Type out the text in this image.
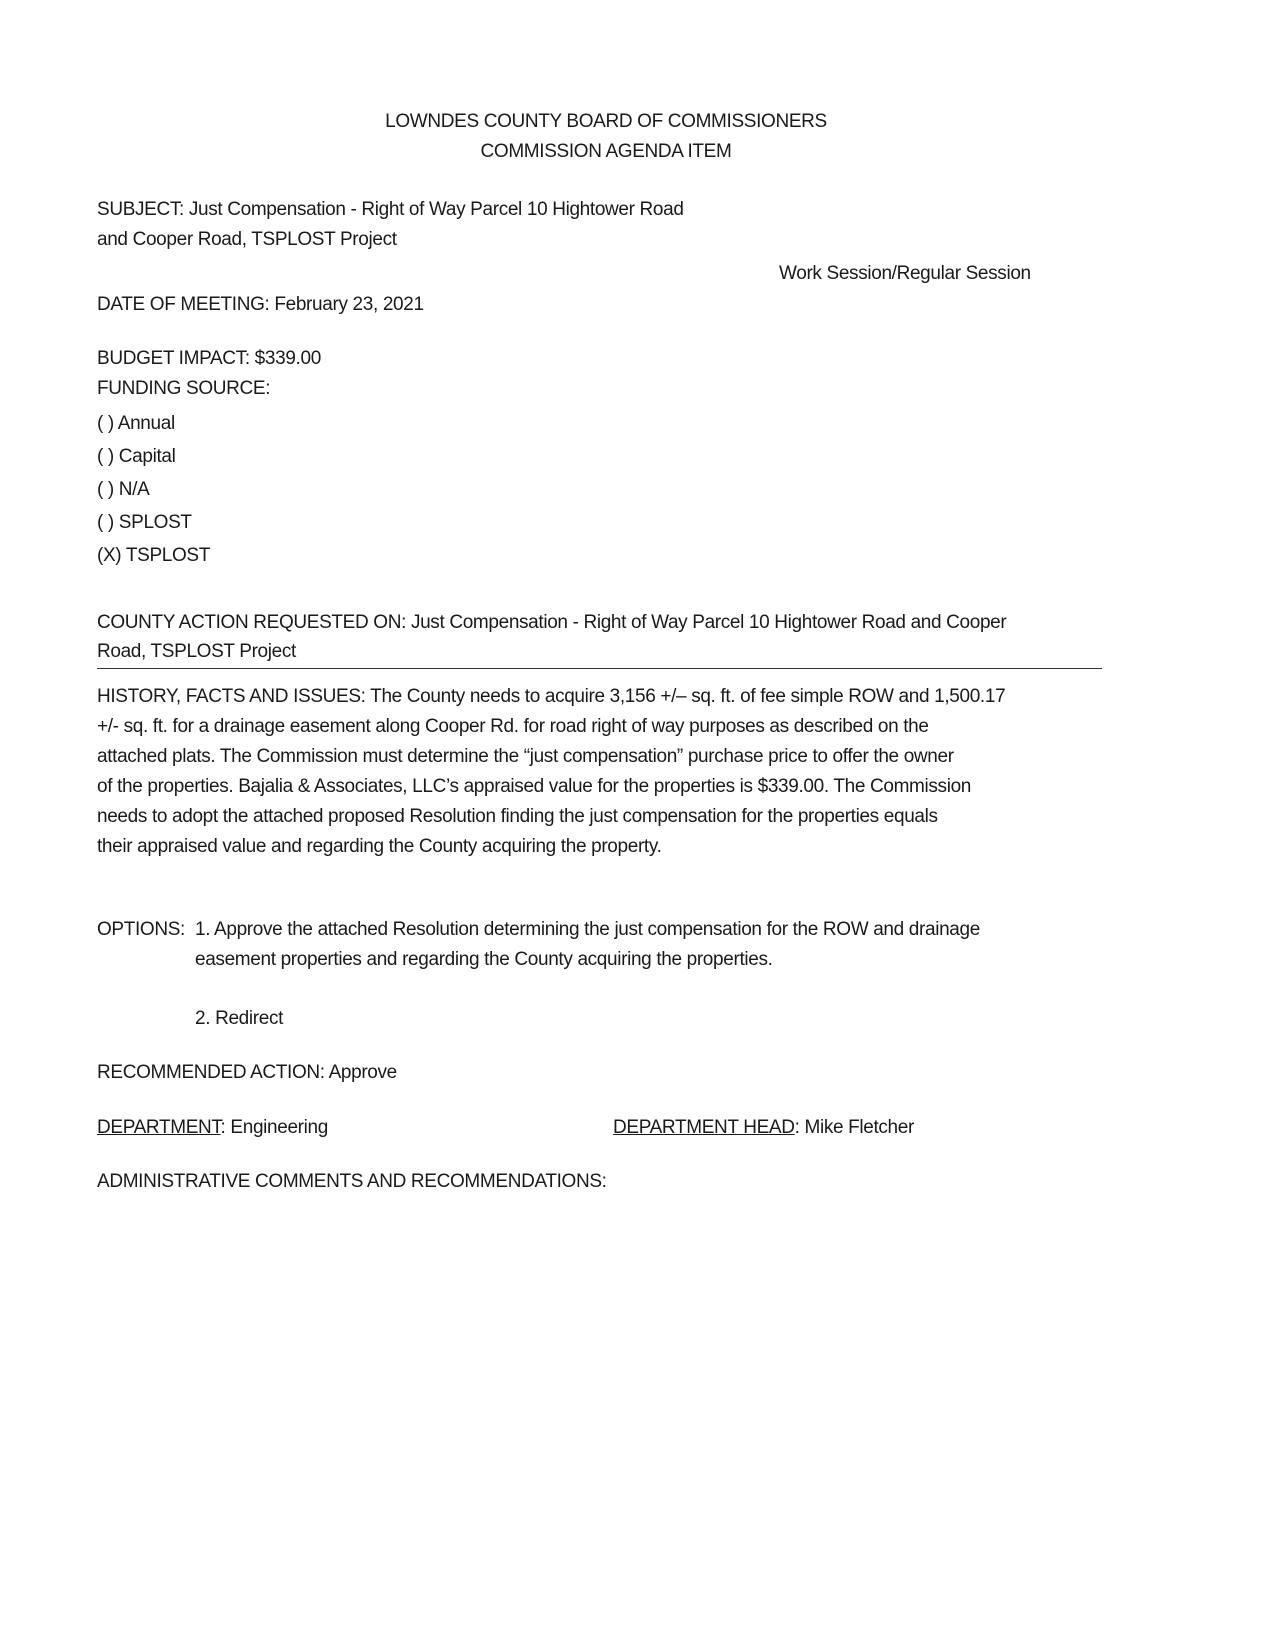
LOWNDES COUNTY BOARD OF COMMISSIONERS
COMMISSION AGENDA ITEM
SUBJECT: Just Compensation - Right of Way Parcel 10 Hightower Road
and Cooper Road, TSPLOST Project
Work Session/Regular Session
DATE OF MEETING: February 23, 2021
BUDGET IMPACT: $339.00
FUNDING SOURCE:
( ) Annual
( ) Capital
( ) N/A
( ) SPLOST
(X) TSPLOST
COUNTY ACTION REQUESTED ON: Just Compensation - Right of Way Parcel 10 Hightower Road and Cooper
Road, TSPLOST Project
HISTORY, FACTS AND ISSUES: The County needs to acquire 3,156 +/– sq. ft. of fee simple ROW and 1,500.17
+/- sq. ft. for a drainage easement along Cooper Rd. for road right of way purposes as described on the
attached plats. The Commission must determine the “just compensation” purchase price to offer the owner
of the properties. Bajalia & Associates, LLC’s appraised value for the properties is $339.00. The Commission
needs to adopt the attached proposed Resolution finding the just compensation for the properties equals
their appraised value and regarding the County acquiring the property.
OPTIONS: 1. Approve the attached Resolution determining the just compensation for the ROW and drainage
easement properties and regarding the County acquiring the properties.
2. Redirect
RECOMMENDED ACTION: Approve
DEPARTMENT: Engineering	DEPARTMENT HEAD: Mike Fletcher
ADMINISTRATIVE COMMENTS AND RECOMMENDATIONS:
